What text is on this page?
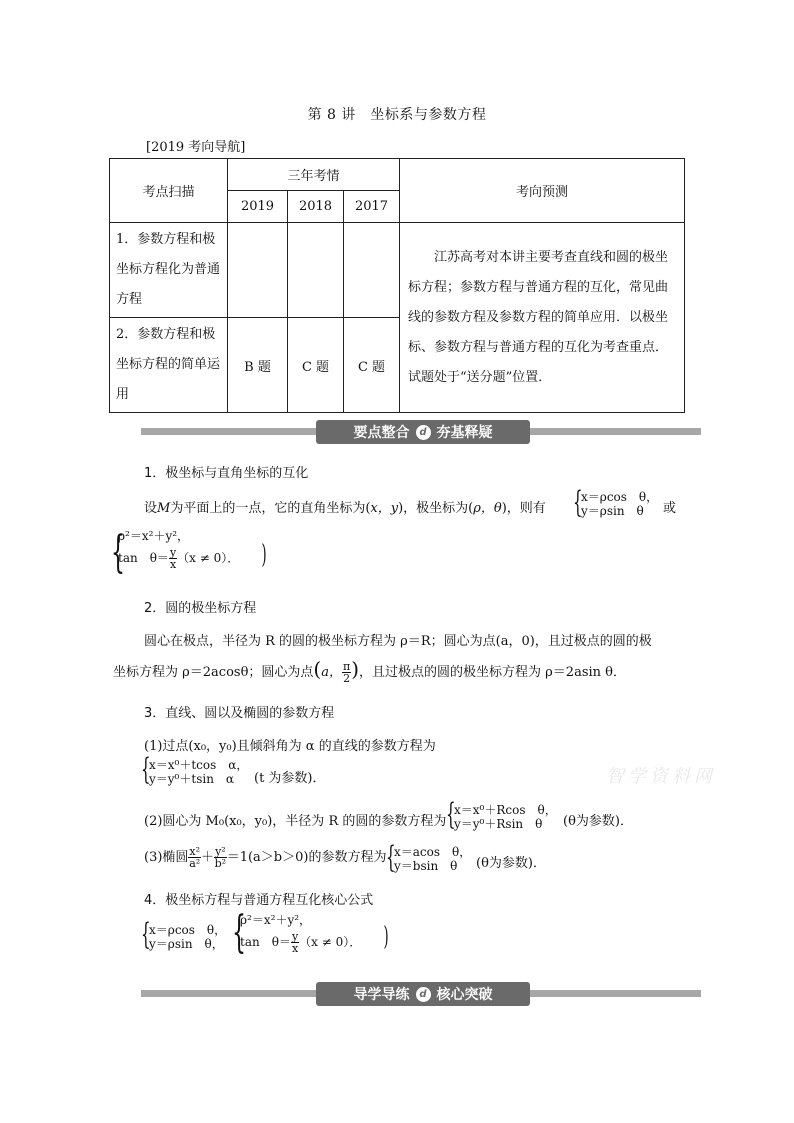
第 8 讲　坐标系与参数方程
[2019 考向导航]
考点扫描	三年考情			考向预测
	2019	2018	2017	
1．参数方程和极坐标方程化为普通方程				江苏高考对本讲主要考查直线和圆的极坐标方程；参数方程与普通方程的互化，常见曲线的参数方程及参数方程的简单应用．以极坐标、参数方程与普通方程的互化为考查重点．试题处于“送分题”位置．
2．参数方程和极坐标方程的简单运用	B 题	C 题	C 题	
要点整合 d 夯基释疑
1．极坐标与直角坐标的互化
设M为平面上的一点，它的直角坐标为(x，y)，极坐标为(ρ，θ)，则有 {
x＝ρcos　θ，
y＝ρsin　θ	或
{
ρ²＝x²＋y²，
tan　$\theta= \frac{y}{x} (x \ne 0)$． )
2．圆的极坐标方程
圆心在极点，半径为 R 的圆的极坐标方程为 ρ＝R；圆心为点(a，0)，且过极点的圆的极
坐标方程为 ρ＝2acosθ；圆心为点(a， $\frac{\pi}{2}$ )，且过极点的圆的极坐标方程为 ρ＝2asin θ．
3．直线、圆以及椭圆的参数方程
(1)过点(x₀，y₀)且倾斜角为 α 的直线的参数方程为
{
x＝x⁰＋tcos　α，
y＝y⁰＋tsin　α	(t 为参数)．
(2)圆心为 M₀(x₀，y₀)，半径为 R 的圆的参数方程为 {
x＝x⁰＋Rcos　θ，
y＝y⁰＋Rsin　θ	(θ为参数)．
(3)椭圆 $\frac{\text{x²}}{\text{a²}} + \frac{\text{y²}}{\text{b²}} =1(a>b>0)$的参数方程为 {
x＝acos　θ，
y＝bsin　θ	(θ为参数)．
4．极坐标方程与普通方程互化核心公式
{
x＝ρcos　θ，
y＝ρsin　θ， {
ρ²＝x²＋y²，
tan　$\theta= \frac{y}{x} (x \ne 0)$． )
导学导练 d 核心突破
智学资料网
